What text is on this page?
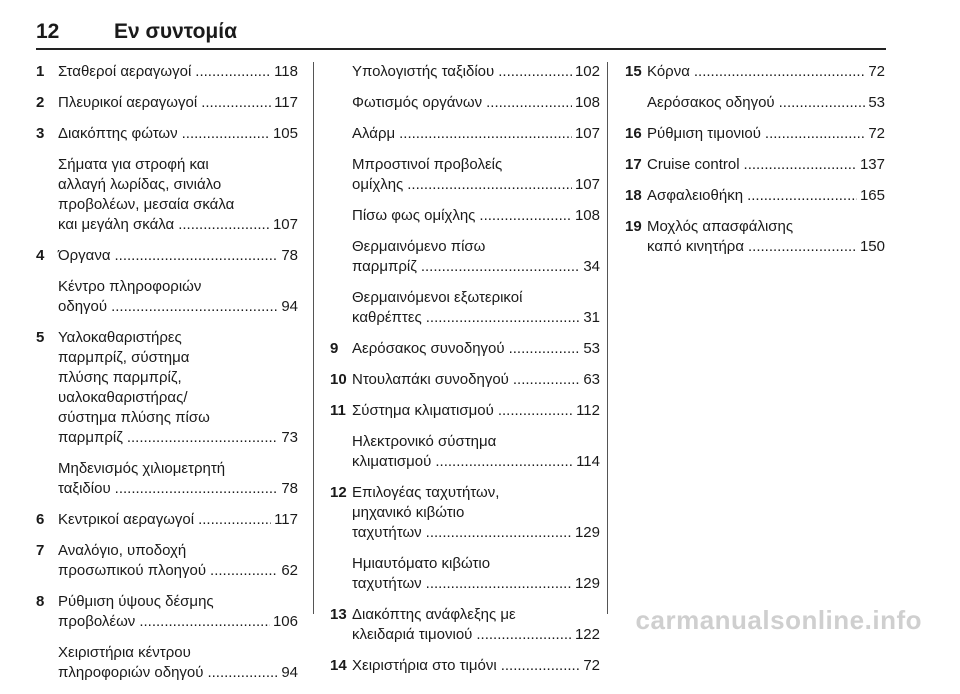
12	Εν συντομία
1 Σταθεροί αεραγωγοί .....	118
2 Πλευρικοί αεραγωγοί .....	117
3 Διακόπτης φώτων .....	105
Σήματα για στροφή και
αλλαγή λωρίδας, σινιάλο
προβολέων, μεσαία σκάλα
και μεγάλη σκάλα .....	107
4 Όργανα .....	78
Κέντρο πληροφοριών
οδηγού .....	94
5 Υαλοκαθαριστήρες
παρμπρίζ, σύστημα
πλύσης παρμπρίζ,
υαλοκαθαριστήρας/
σύστημα πλύσης πίσω
παρμπρίζ .....	73
Μηδενισμός χιλιομετρητή
ταξιδίου .....	78
6 Κεντρικοί αεραγωγοί .....	117
7 Αναλόγιο, υποδοχή
προσωπικού πλοηγού .....	62
8 Ρύθμιση ύψους δέσμης
προβολέων .....	106
Χειριστήρια κέντρου
πληροφοριών οδηγού .....	94
Υπολογιστής ταξιδίου .....	102
Φωτισμός οργάνων .....	108
Αλάρμ .....	107
Μπροστινοί προβολείς
ομίχλης .....	107
Πίσω φως ομίχλης .....	108
Θερμαινόμενο πίσω
παρμπρίζ .....	34
Θερμαινόμενοι εξωτερικοί
καθρέπτες .....	31
9 Αερόσακος συνοδηγού .....	53
10 Ντουλαπάκι συνοδηγού .....	63
11 Σύστημα κλιματισμού .....	112
Ηλεκτρονικό σύστημα
κλιματισμού .....	114
12 Επιλογέας ταχυτήτων,
μηχανικό κιβώτιο
ταχυτήτων .....	129
Ημιαυτόματο κιβώτιο
ταχυτήτων .....	129
13 Διακόπτης ανάφλεξης με
κλειδαριά τιμονιού .....	122
14 Χειριστήρια στο τιμόνι .....	72
15 Κόρνα .....	72
Αερόσακος οδηγού .....	53
16 Ρύθμιση τιμονιού .....	72
17 Cruise control .....	137
18 Ασφαλειοθήκη .....	165
19 Μοχλός απασφάλισης
καπό κινητήρα .....	150
carmanualsonline.info
